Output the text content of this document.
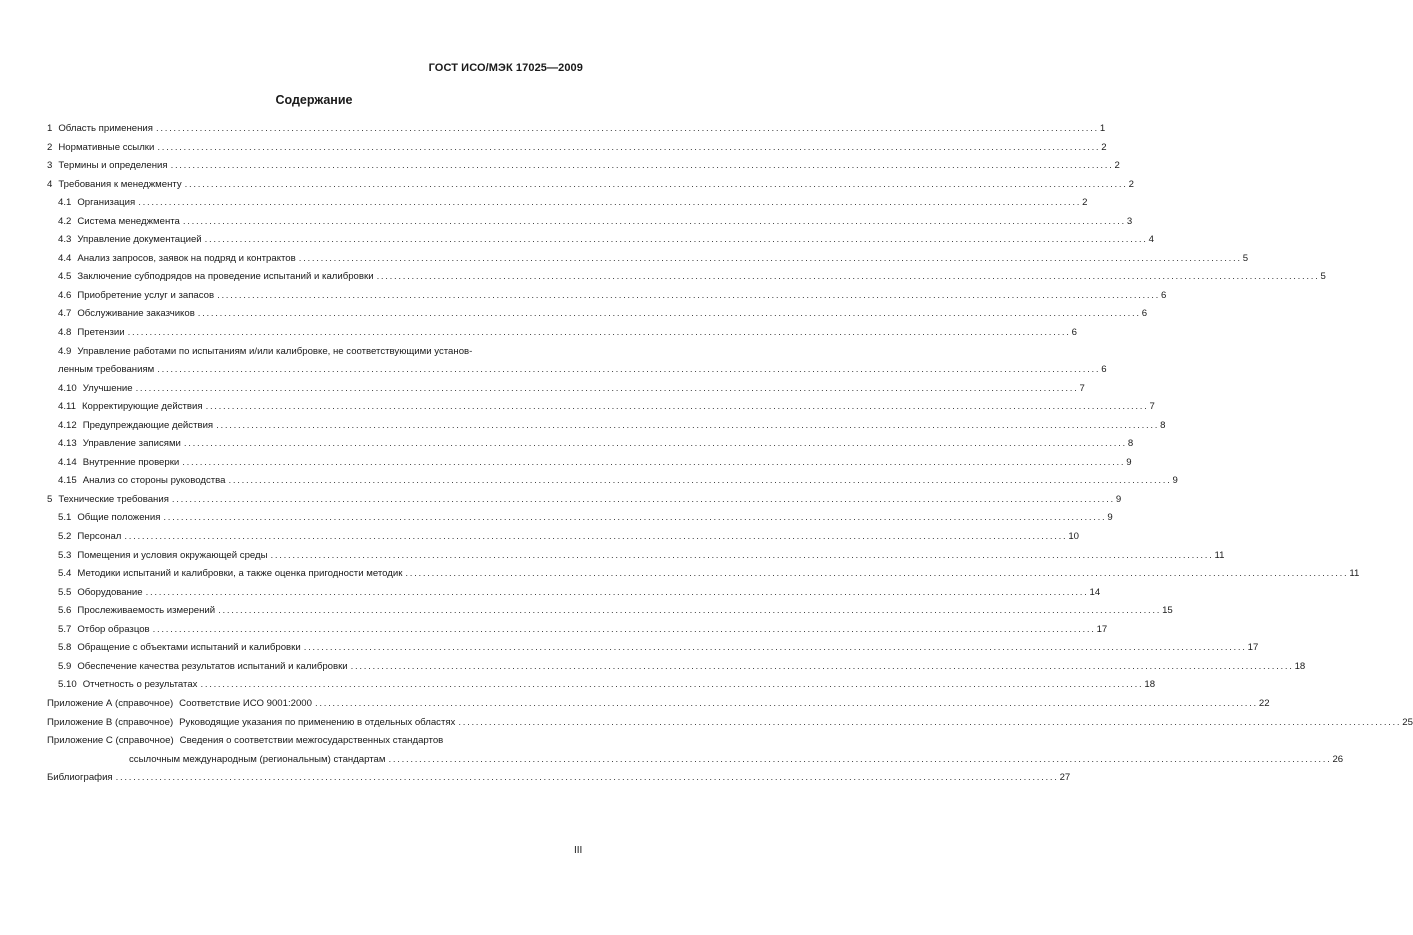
ГОСТ ИСО/МЭК 17025—2009
Содержание
1 Область применения ........................................................................................................................................................................................................................ 1
2 Нормативные ссылки ........................................................................................................................................................................................................................ 2
3 Термины и определения ........................................................................................................................................................................................................................ 2
4 Требования к менеджменту ........................................................................................................................................................................................................................ 2
4.1 Организация ........................................................................................................................................................................................................................ 2
4.2 Система менеджмента ........................................................................................................................................................................................................................ 3
4.3 Управление документацией ........................................................................................................................................................................................................................ 4
4.4 Анализ запросов, заявок на подряд и контрактов ........................................................................................................................................................................................................................ 5
4.5 Заключение субподрядов на проведение испытаний и калибровки ........................................................................................................................................................................................................................ 5
4.6 Приобретение услуг и запасов ........................................................................................................................................................................................................................ 6
4.7 Обслуживание заказчиков ........................................................................................................................................................................................................................ 6
4.8 Претензии ........................................................................................................................................................................................................................ 6
4.9 Управление работами по испытаниям и/или калибровке, не соответствующими установ-
ленным требованиям ........................................................................................................................................................................................................................ 6
4.10 Улучшение ........................................................................................................................................................................................................................ 7
4.11 Корректирующие действия ........................................................................................................................................................................................................................ 7
4.12 Предупреждающие действия ........................................................................................................................................................................................................................ 8
4.13 Управление записями ........................................................................................................................................................................................................................ 8
4.14 Внутренние проверки ........................................................................................................................................................................................................................ 9
4.15 Анализ со стороны руководства ........................................................................................................................................................................................................................ 9
5 Технические требования ........................................................................................................................................................................................................................ 9
5.1 Общие положения ........................................................................................................................................................................................................................ 9
5.2 Персонал ........................................................................................................................................................................................................................ 10
5.3 Помещения и условия окружающей среды ........................................................................................................................................................................................................................ 11
5.4 Методики испытаний и калибровки, а также оценка пригодности методик ........................................................................................................................................................................................................................ 11
5.5 Оборудование ........................................................................................................................................................................................................................ 14
5.6 Прослеживаемость измерений ........................................................................................................................................................................................................................ 15
5.7 Отбор образцов ........................................................................................................................................................................................................................ 17
5.8 Обращение с объектами испытаний и калибровки ........................................................................................................................................................................................................................ 17
5.9 Обеспечение качества результатов испытаний и калибровки ........................................................................................................................................................................................................................ 18
5.10 Отчетность о результатах ........................................................................................................................................................................................................................ 18
Приложение А (справочное) Соответствие ИСО 9001:2000 ........................................................................................................................................................................................................................ 22
Приложение В (справочное) Руководящие указания по применению в отдельных областях ........................................................................................................................................................................................................................ 25
Приложение С (справочное) Сведения о соответствии межгосударственных стандартов
ссылочным международным (региональным) стандартам ........................................................................................................................................................................................................................ 26
Библиография ........................................................................................................................................................................................................................ 27
III
